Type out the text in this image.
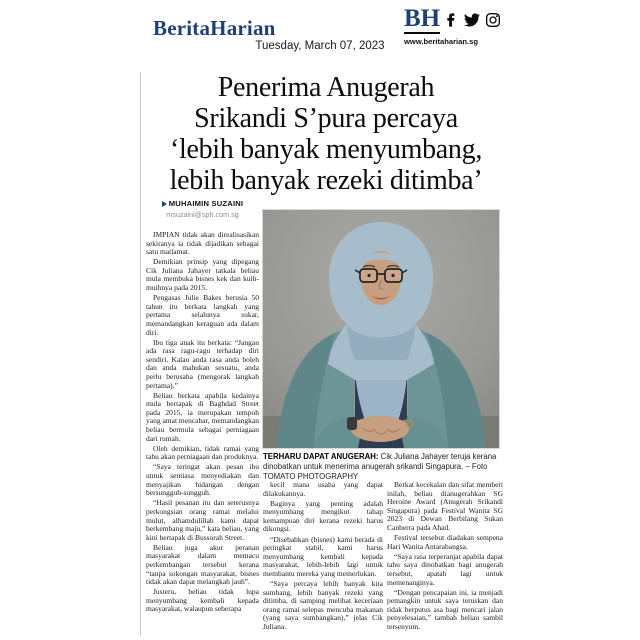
BeritaHarian	BH
www.beritaharian.sg
Tuesday, March 07, 2023
Penerima Anugerah
Srikandi S’pura percaya
‘lebih banyak menyumbang,
lebih banyak rezeki ditimba’
MUHAIMIN SUZAINI
msuzaini@sph.com.sg
TERHARU DAPAT ANUGERAH: Cik Juliana Jahayer teruja kerana dinobatkan untuk menerima anugerah srikandi Singapura. – Foto TOMATO PHOTOGRAPHY

IMPIAN tidak akan direalisasikan sekiranya ia tidak dijadikan sebagai satu matlamat.

Demikian prinsip yang dipegang Cik Juliana Jahayer tatkala beliau mula membuka bisnes kek dan kuih-muihnya pada 2015.

Pengasas Julie Bakes berusia 50 tahun itu berkata langkah yang pertama selalunya sukar, memandangkan keraguan ada dalam diri.

Ibu tiga anak itu berkata: “Jangan ada rasa ragu-ragu terhadap diri sendiri. Kalau anda rasa anda boleh dan anda mahukan sesuatu, anda perlu berusaha (mengorak langkah pertama).”

Beliau berkata apabila kedainya mula bertapak di Baghdad Street pada 2015, ia merupakan tempoh yang amat mencabar, memandangkan beliau bermula sebagai perniagaan dari rumah.

Oleh demikian, tidak ramai yang tahu akan perniagaan dan produknya.

“Saya teringat akan pesan ibu untuk sentiasa menyediakan dan menyajikan hidangan dengan bersungguh-sungguh.

“Hasil pesanan itu dan seterusnya perkongsian orang ramai melalui mulut, alhamdulillah kami dapat berkembang maju,” kata beliau, yang kini bertapak di Bussorah Street.

Beliau juga akur peranan masyarakat dalam memacu perkembangan tersebut kerana “tanpa sokongan masyarakat, bisnes tidak akan dapat melangkah jauh”.

Justeru, beliau tidak lupa menyumbang kembali kepada masyarakat, walaupun seberapa

kecil mana usaha yang dapat dilakukannya.

Baginya yang penting adalah menyumbang mengikut tahap kemampuan diri kerana rezeki harus dikongsi.

“Disebabkan (bisnes) kami berada di peringkat stabil, kami harus menyumbang kembali kepada masyarakat, lebih-lebih lagi untuk membantu mereka yang memerlukan.

“Saya percaya lebih banyak kita sumbang, lebih banyak rezeki yang ditimba, di samping melihat keceriaan orang ramai selepas mencuba makanan (yang saya sumbangkan),” jelas Cik Juliana.

Berkat kecekalan dan sifat memberi inilah, beliau dianugerahkan SG Heroine Award (Anugerah Srikandi Singapura) pada Festival Wanita SG 2023 di Dewan Berbilang Sukan Canberra pada Ahad.

Festival tersebut diadakan sempena Hari Wanita Antarabangsa.

“Saya rasa terperanjat apabila dapat tahu saya dinobatkan bagi anugerah tersebut, apatah lagi untuk memenanginya.

“Dengan pencapaian ini, ia menjadi pemangkin untuk saya teruskan dan tidak berputus asa bagi mencari jalan penyelesaian,” tambah beliau sambil tersenyum.
